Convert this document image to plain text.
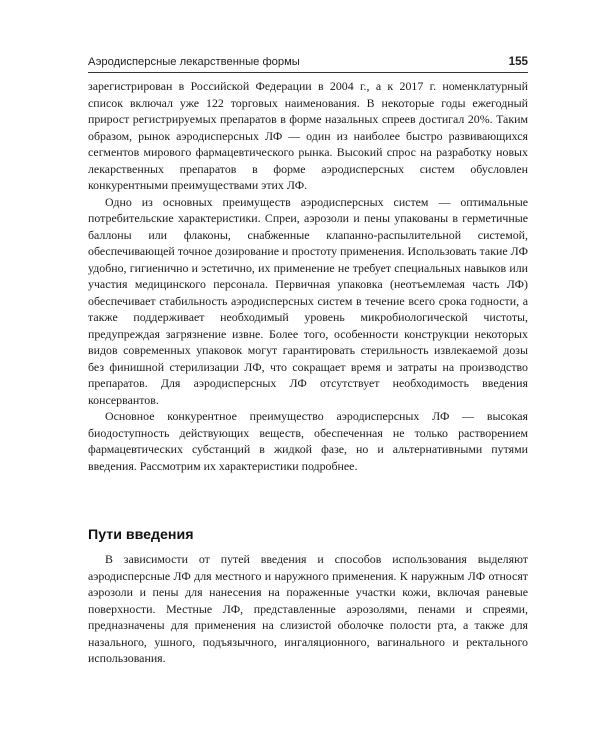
Аэродисперсные лекарственные формы	155

зарегистрирован в Российской Федерации в 2004 г., а к 2017 г. номенклатурный список включал уже 122 торговых наименования. В некоторые годы ежегодный прирост регистрируемых препаратов в форме назальных спреев достигал 20%. Таким образом, рынок аэродисперсных ЛФ — один из наиболее быстро развивающихся сегментов мирового фармацевтического рынка. Высокий спрос на разработку новых лекарственных препаратов в форме аэродисперсных систем обусловлен конкурентными преимуществами этих ЛФ.

Одно из основных преимуществ аэродисперсных систем — оптимальные потребительские характеристики. Спреи, аэрозоли и пены упакованы в герметичные баллоны или флаконы, снабженные клапанно-распылительной системой, обеспечивающей точное дозирование и простоту применения. Использовать такие ЛФ удобно, гигиенично и эстетично, их применение не требует специальных навыков или участия медицинского персонала. Первичная упаковка (неотъемлемая часть ЛФ) обеспечивает стабильность аэродисперсных систем в течение всего срока годности, а также поддерживает необходимый уровень микробиологической чистоты, предупреждая загрязнение извне. Более того, особенности конструкции некоторых видов современных упаковок могут гарантировать стерильность извлекаемой дозы без финишной стерилизации ЛФ, что сокращает время и затраты на производство препаратов. Для аэродисперсных ЛФ отсутствует необходимость введения консервантов.

Основное конкурентное преимущество аэродисперсных ЛФ — высокая биодоступность действующих веществ, обеспеченная не только растворением фармацевтических субстанций в жидкой фазе, но и альтернативными путями введения. Рассмотрим их характеристики подробнее.

Пути введения

В зависимости от путей введения и способов использования выделяют аэродисперсные ЛФ для местного и наружного применения. К наружным ЛФ относят аэрозоли и пены для нанесения на пораженные участки кожи, включая раневые поверхности. Местные ЛФ, представленные аэрозолями, пенами и спреями, предназначены для применения на слизистой оболочке полости рта, а также для назального, ушного, подъязычного, ингаляционного, вагинального и ректального использования.
